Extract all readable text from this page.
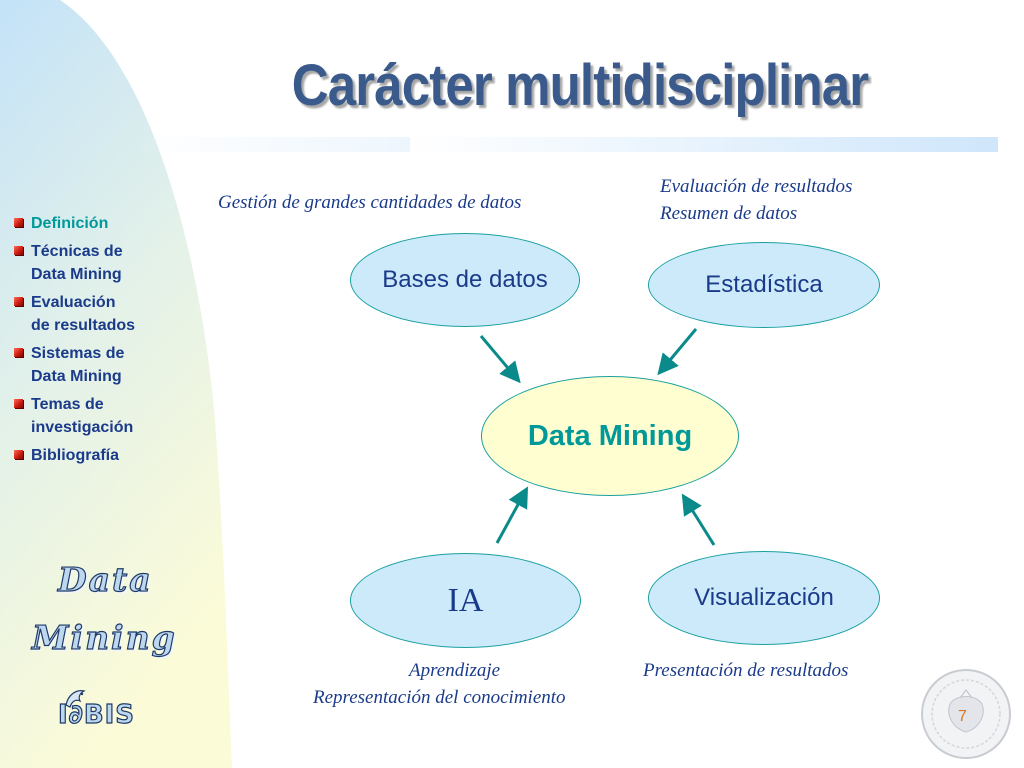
Carácter multidisciplinar
Definición
Técnicas de
Data Mining
Evaluación
de resultados
Sistemas de
Data Mining
Temas de
investigación
Bibliografía
Data
Mining
I∂BIS
Bases de datos	Estadística
Data Mining
IA	Visualización
Gestión de grandes cantidades de datos
Evaluación de resultados
Resumen de datos
Aprendizaje
Representación del conocimiento
Presentación de resultados
7
